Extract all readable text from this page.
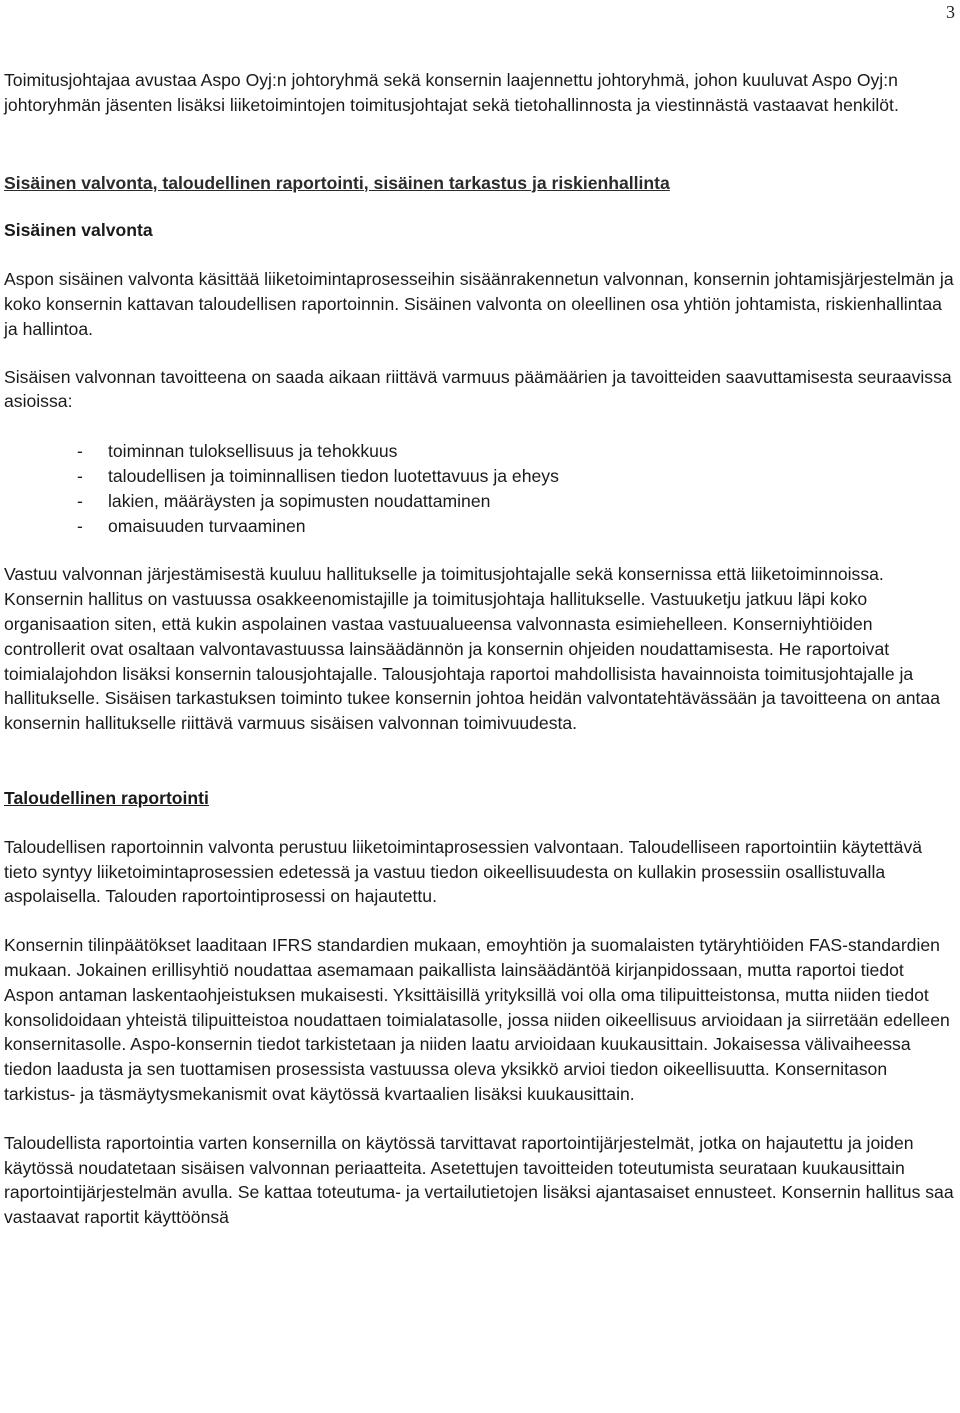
3

Toimitusjohtajaa avustaa Aspo Oyj:n johtoryhmä sekä konsernin laajennettu johtoryhmä, johon kuuluvat Aspo Oyj:n johtoryhmän jäsenten lisäksi liiketoimintojen toimitusjohtajat sekä tietohallinnosta ja viestinnästä vastaavat henkilöt.

Sisäinen valvonta, taloudellinen raportointi, sisäinen tarkastus ja riskienhallinta

Sisäinen valvonta

Aspon sisäinen valvonta käsittää liiketoimintaprosesseihin sisäänrakennetun valvonnan, konsernin johtamisjärjestelmän ja koko konsernin kattavan taloudellisen raportoinnin. Sisäinen valvonta on oleellinen osa yhtiön johtamista, riskienhallintaa ja hallintoa.

Sisäisen valvonnan tavoitteena on saada aikaan riittävä varmuus päämäärien ja tavoitteiden saavuttamisesta seuraavissa asioissa:

- toiminnan tuloksellisuus ja tehokkuus
- taloudellisen ja toiminnallisen tiedon luotettavuus ja eheys
- lakien, määräysten ja sopimusten noudattaminen
- omaisuuden turvaaminen

Vastuu valvonnan järjestämisestä kuuluu hallitukselle ja toimitusjohtajalle sekä konsernissa että liiketoiminnoissa. Konsernin hallitus on vastuussa osakkeenomistajille ja toimitusjohtaja hallitukselle. Vastuuketju jatkuu läpi koko organisaation siten, että kukin aspolainen vastaa vastuualueensa valvonnasta esimiehelleen. Konserniyhtiöiden controllerit ovat osaltaan valvontavastuussa lainsäädännön ja konsernin ohjeiden noudattamisesta. He raportoivat toimialajohdon lisäksi konsernin talousjohtajalle. Talousjohtaja raportoi mahdollisista havainnoista toimitusjohtajalle ja hallitukselle. Sisäisen tarkastuksen toiminto tukee konsernin johtoa heidän valvontatehtävässään ja tavoitteena on antaa konsernin hallitukselle riittävä varmuus sisäisen valvonnan toimivuudesta.

Taloudellinen raportointi

Taloudellisen raportoinnin valvonta perustuu liiketoimintaprosessien valvontaan. Taloudelliseen raportointiin käytettävä tieto syntyy liiketoimintaprosessien edetessä ja vastuu tiedon oikeellisuudesta on kullakin prosessiin osallistuvalla aspolaisella. Talouden raportointiprosessi on hajautettu.

Konsernin tilinpäätökset laaditaan IFRS standardien mukaan, emoyhtiön ja suomalaisten tytäryhtiöiden FAS-standardien mukaan. Jokainen erillisyhtiö noudattaa asemamaan paikallista lainsäädäntöä kirjanpidossaan, mutta raportoi tiedot Aspon antaman laskentaohjeistuksen mukaisesti. Yksittäisillä yrityksillä voi olla oma tilipuitteistonsa, mutta niiden tiedot konsolidoidaan yhteistä tilipuitteistoa noudattaen toimialatasolle, jossa niiden oikeellisuus arvioidaan ja siirretään edelleen konsernitasolle. Aspo-konsernin tiedot tarkistetaan ja niiden laatu arvioidaan kuukausittain. Jokaisessa välivaiheessa tiedon laadusta ja sen tuottamisen prosessista vastuussa oleva yksikkö arvioi tiedon oikeellisuutta. Konsernitason tarkistus- ja täsmäytysmekanismit ovat käytössä kvartaalien lisäksi kuukausittain.

Taloudellista raportointia varten konsernilla on käytössä tarvittavat raportointijärjestelmät, jotka on hajautettu ja joiden käytössä noudatetaan sisäisen valvonnan periaatteita. Asetettujen tavoitteiden toteutumista seurataan kuukausittain raportointijärjestelmän avulla. Se kattaa toteutuma- ja vertailutietojen lisäksi ajantasaiset ennusteet. Konsernin hallitus saa vastaavat raportit käyttöönsä
